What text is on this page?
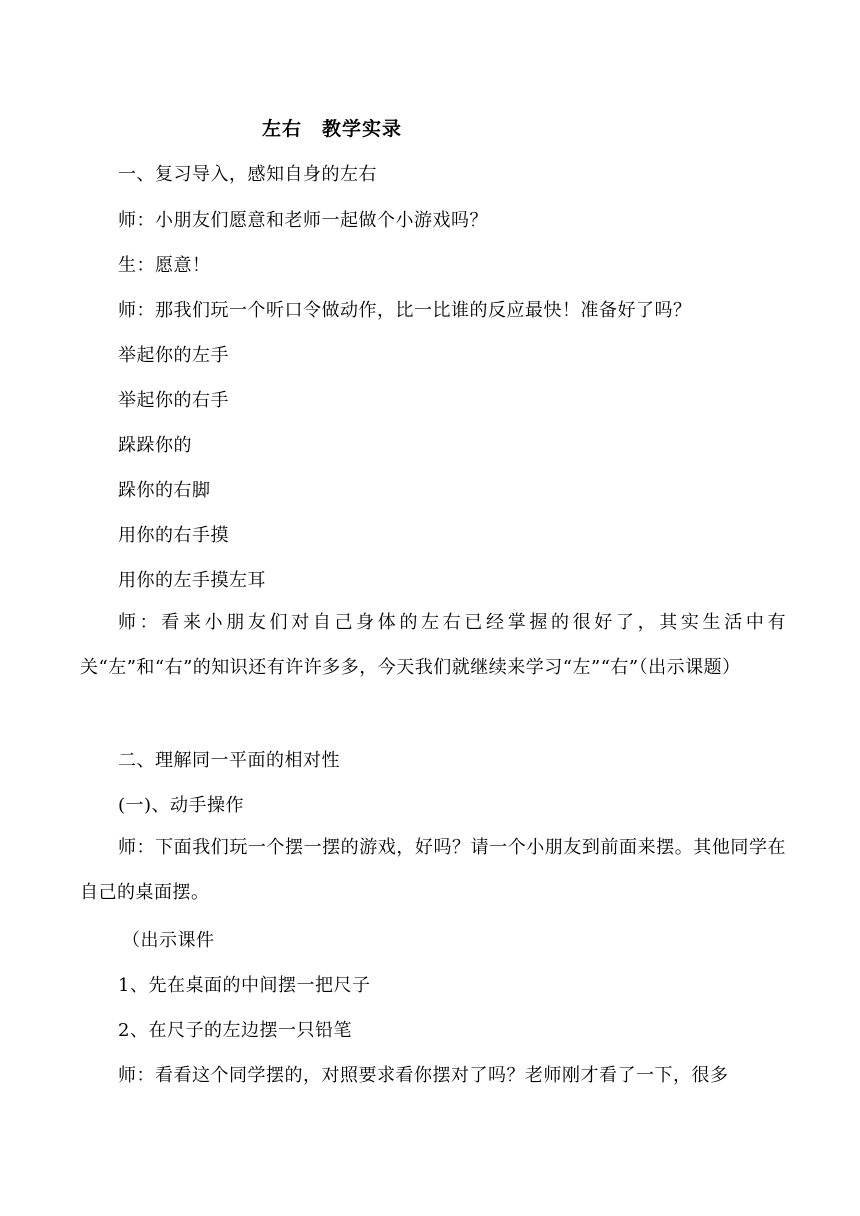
左右　教学实录
一、复习导入，感知自身的左右
师：小朋友们愿意和老师一起做个小游戏吗？
生：愿意！
师：那我们玩一个听口令做动作，比一比谁的反应最快！准备好了吗？
举起你的左手
举起你的右手
跺跺你的
跺你的右脚
用你的右手摸
用你的左手摸左耳
师：看来小朋友们对自己身体的左右已经掌握的很好了，其实生活中有关“左”和“右”的知识还有许许多多，今天我们就继续来学习“左”“右”（出示课题）
二、理解同一平面的相对性
(一)、动手操作
师：下面我们玩一个摆一摆的游戏，好吗？请一个小朋友到前面来摆。其他同学在自己的桌面摆。
（出示课件
1、先在桌面的中间摆一把尺子
2、在尺子的左边摆一只铅笔
师：看看这个同学摆的，对照要求看你摆对了吗？老师刚才看了一下，很多
